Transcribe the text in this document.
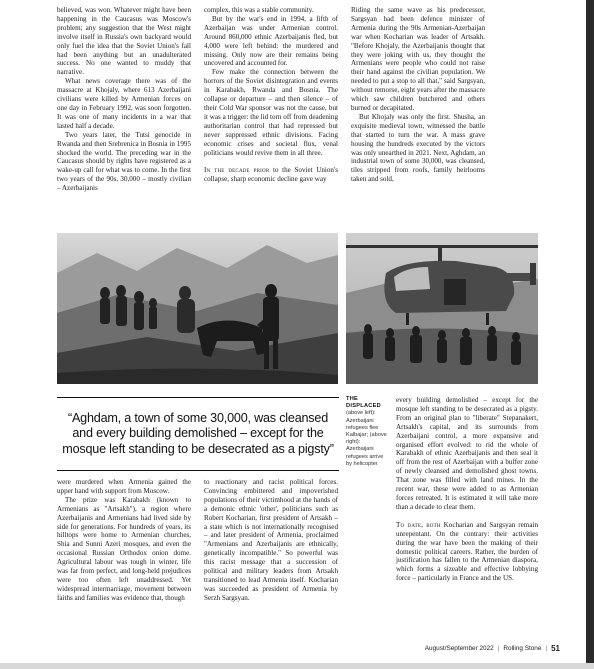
believed, was won. Whatever might have been happening in the Caucasus was Moscow's problem; any suggestion that the West might involve itself in Russia's own backyard would only fuel the idea that the Soviet Union's fall had been anything but an unadulterated success. No one wanted to muddy that narrative.

What news coverage there was of the massacre at Khojaly, where 613 Azerbaijani civilians were killed by Armenian forces on one day in February 1992, was soon forgotten. It was one of many incidents in a war that lasted half a decade.

Two years later, the Tutsi genocide in Rwanda and then Srebrenica in Bosnia in 1995 shocked the world. The preceding war in the Caucasus should by rights have registered as a wake-up call for what was to come. In the first two years of the 90s, 30,000 – mostly civilian – Azerbaijanis

complex, this was a stable community.

But by the war's end in 1994, a fifth of Azerbaijan was under Armenian control. Around 860,000 ethnic Azerbaijanis fled, but 4,000 were left behind: the murdered and missing. Only now are their remains being uncovered and accounted for.

Few make the connection between the horrors of the Soviet disintegration and events in Karabakh, Rwanda and Bosnia. The collapse or departure – and then silence – of their Cold War sponsor was not the cause, but it was a trigger: the lid torn off from deadening authoritarian control that had repressed but never suppressed ethnic divisions. Facing economic crises and societal flux, venal politicians would revive them in all three.

In the decade prior to the Soviet Union's collapse, sharp economic decline gave way

Riding the same wave as his predecessor, Sargsyan had been defence minister of Armenia during the 90s Armenian-Azerbaijan war when Kocharian was leader of Artsakh. "Before Khojaly, the Azerbaijanis thought that they were joking with us, they thought the Armenians were people who could not raise their hand against the civilian population. We needed to put a stop to all that," said Sargsyan, without remorse, eight years after the massacre which saw children butchered and others burned or decapitated.

But Khojaly was only the first. Shusha, an exquisite medieval town, witnessed the battle that started to turn the war. A mass grave housing the hundreds executed by the victors was only unearthed in 2021. Next, Aghdam, an industrial town of some 30,000, was cleansed, tiles stripped from roofs, family heirlooms taken and sold,

THE DISPLACED
(above left): Azerbaijani refugees flee Kalbajar; (above right): Azerbaijani refugees arrive by helicopter
“Aghdam, a town of some 30,000, was cleansed and every building demolished – except for the mosque left standing to be desecrated as a pigsty”

were murdered when Armenia gained the upper hand with support from Moscow.

The prize was Karabakh (known to Armenians as "Artsakh"), a region where Azerbaijanis and Armenians had lived side by side for generations. For hundreds of years, its hilltops were home to Armenian churches, Shia and Sunni Azeri mosques, and even the occasional Russian Orthodox onion dome. Agricultural labour was tough in winter, life was far from perfect, and long-held prejudices were too often left unaddressed. Yet widespread intermarriage, movement between faiths and families was evidence that, though

to reactionary and racist political forces. Convincing embittered and impoverished populations of their victimhood at the hands of a demonic ethnic 'other', politicians such as Robert Kocharian, first president of Artsakh – a state which is not internationally recognised – and later president of Armenia, proclaimed "Armenians and Azerbaijanis are ethnically, genetically incompatible." So powerful was this racist message that a succession of political and military leaders from Artsakh transitioned to lead Armenia itself. Kocharian was succeeded as president of Armenia by Serzh Sargsyan.

every building demolished – except for the mosque left standing to be desecrated as a pigsty. From an original plan to "liberate" Stepanakert, Artsakh's capital, and its surrounds from Azerbaijani control, a more expansive and organised effort evolved: to rid the whole of Karabakh of ethnic Azerbaijanis and then seal it off from the rest of Azerbaijan with a buffer zone of newly cleansed and demolished ghost towns. That zone was filled with land mines. In the recent war, these were added to as Armenian forces retreated. It is estimated it will take more than a decade to clear them.

To date, both Kocharian and Sargsyan remain unrepentant. On the contrary: their activities during the war have been the making of their domestic political careers. Rather, the burden of justification has fallen to the Armenian diaspora, which forms a sizeable and effective lobbying force – particularly in France and the US.

August/September 2022 | Rolling Stone | 51
